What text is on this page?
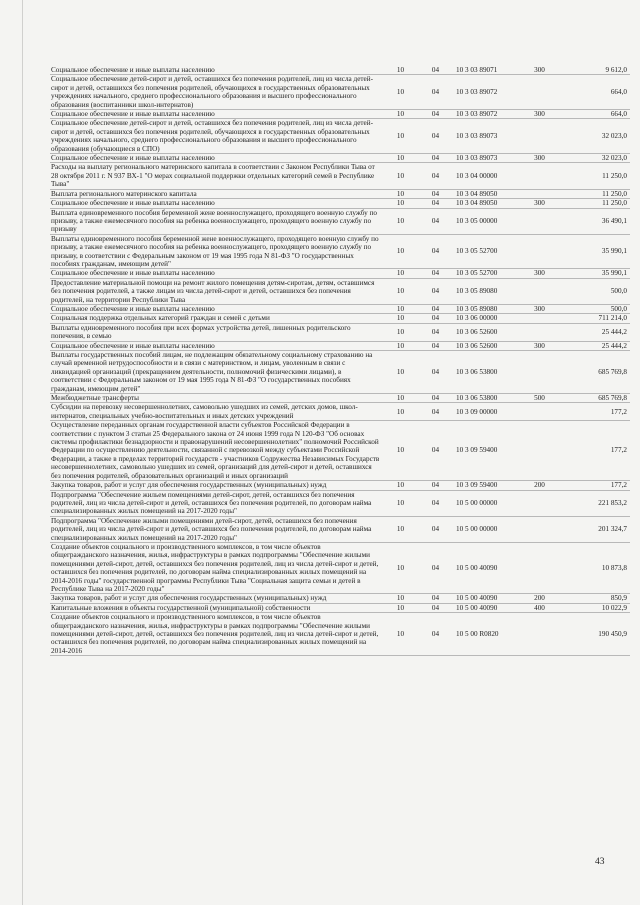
Социальное обеспечение и иные выплаты населению	10	04	10 3 03 89071	300	9 612,0
Социальное обеспечение детей-сирот и детей, оставшихся без попечения родителей, лиц из числа детей-сирот и детей, оставшихся без попечения родителей, обучающихся в государственных образовательных учреждениях начального, среднего профессионального образования и высшего профессионального образования (воспитанники школ-интернатов)	10	04	10 3 03 89072		664,0
Социальное обеспечение и иные выплаты населению	10	04	10 3 03 89072	300	664,0
Социальное обеспечение детей-сирот и детей, оставшихся без попечения родителей, лиц из числа детей-сирот и детей, оставшихся без попечения родителей, обучающихся в государственных образовательных учреждениях начального, среднего профессионального образования и высшего профессионального образования (обучающиеся в СПО)	10	04	10 3 03 89073		32 023,0
Социальное обеспечение и иные выплаты населению	10	04	10 3 03 89073	300	32 023,0
Расходы на выплату регионального материнского капитала в соответствии с Законом Республики Тыва от 28 октября 2011 г. N 937 ВХ-1 "О мерах социальной поддержки отдельных категорий семей в Республике Тыва"	10	04	10 3 04 00000		11 250,0
Выплата регионального материнского капитала	10	04	10 3 04 89050		11 250,0
Социальное обеспечение и иные выплаты населению	10	04	10 3 04 89050	300	11 250,0
Выплата единовременного пособия беременной жене военнослужащего, проходящего военную службу по призыву, а также ежемесячного пособия на ребенка военнослужащего, проходящего военную службу по призыву	10	04	10 3 05 00000		36 490,1
Выплаты единовременного пособия беременной жене военнослужащего, проходящего военную службу по призыву, а также ежемесячного пособия на ребенка военнослужащего, проходящего военную службу по призыву, в соответствии с Федеральным законом от 19 мая 1995 года N 81-ФЗ "О государственных пособиях гражданам, имеющим детей"	10	04	10 3 05 52700		35 990,1
Социальное обеспечение и иные выплаты населению	10	04	10 3 05 52700	300	35 990,1
Предоставление материальной помощи на ремонт жилого помещения детям-сиротам, детям, оставшимся без попечения родителей, а также лицам из числа детей-сирот и детей, оставшихся без попечения родителей, на территории Республики Тыва	10	04	10 3 05 89080		500,0
Социальное обеспечение и иные выплаты населению	10	04	10 3 05 89080	300	500,0
Социальная поддержка отдельных категорий граждан и семей с детьми	10	04	10 3 06 00000		711 214,0
Выплаты единовременного пособия при всех формах устройства детей, лишенных родительского попечения, в семью	10	04	10 3 06 52600		25 444,2
Социальное обеспечение и иные выплаты населению	10	04	10 3 06 52600	300	25 444,2
Выплаты государственных пособий лицам, не подлежащим обязательному социальному страхованию на случай временной нетрудоспособности и в связи с материнством, и лицам, уволенным в связи с ликвидацией организаций (прекращением деятельности, полномочий физическими лицами), в соответствии с Федеральным законом от 19 мая 1995 года N 81-ФЗ "О государственных пособиях гражданам, имеющим детей"	10	04	10 3 06 53800		685 769,8
Межбюджетные трансферты	10	04	10 3 06 53800	500	685 769,8
Субсидии на перевозку несовершеннолетних, самовольно ушедших из семей, детских домов, школ-интернатов, специальных учебно-воспитательных и иных детских учреждений	10	04	10 3 09 00000		177,2
Осуществление переданных органам государственной власти субъектов Российской Федерации в соответствии с пунктом 3 статьи 25 Федерального закона от 24 июня 1999 года N 120-ФЗ "Об основах системы профилактики безнадзорности и правонарушений несовершеннолетних" полномочий Российской Федерации по осуществлению деятельности, связанной с перевозкой между субъектами Российской Федерации, а также в пределах территорий государств - участников Содружества Независимых Государств несовершеннолетних, самовольно ушедших из семей, организаций для детей-сирот и детей, оставшихся без попечения родителей, образовательных организаций и иных организаций	10	04	10 3 09 59400		177,2
Закупка товаров, работ и услуг для обеспечения государственных (муниципальных) нужд	10	04	10 3 09 59400	200	177,2
Подпрограмма "Обеспечение жильем помещениями детей-сирот, детей, оставшихся без попечения родителей, лиц из числа детей-сирот и детей, оставшихся без попечения родителей, по договорам найма специализированных жилых помещений на 2017-2020 годы"	10	04	10 5 00 00000		221 853,2
Подпрограмма "Обеспечение жилыми помещениями детей-сирот, детей, оставшихся без попечения родителей, лиц из числа детей-сирот и детей, оставшихся без попечения родителей, по договорам найма специализированных жилых помещений на 2017-2020 годы"	10	04	10 5 00 00000		201 324,7
Создание объектов социального и производственного комплексов, в том числе объектов общегражданского назначения, жилья, инфраструктуры в рамках подпрограммы "Обеспечение жилыми помещениями детей-сирот, детей, оставшихся без попечения родителей, лиц из числа детей-сирот и детей, оставшихся без попечения родителей, по договорам найма специализированных жилых помещений на 2014-2016 годы" государственной программы Республики Тыва "Социальная защита семьи и детей в Республике Тыва на 2017-2020 годы"	10	04	10 5 00 40090		10 873,8
Закупка товаров, работ и услуг для обеспечения государственных (муниципальных) нужд	10	04	10 5 00 40090	200	850,9
Капитальные вложения в объекты государственной (муниципальной) собственности	10	04	10 5 00 40090	400	10 022,9
Создание объектов социального и производственного комплексов, в том числе объектов общегражданского назначения, жилья, инфраструктуры в рамках подпрограммы "Обеспечение жилыми помещениями детей-сирот, детей, оставшихся без попечения родителей, лиц из числа детей-сирот и детей, оставшихся без попечения родителей, по договорам найма специализированных жилых помещений на 2014-2016	10	04	10 5 00 R0820		190 450,9
43
